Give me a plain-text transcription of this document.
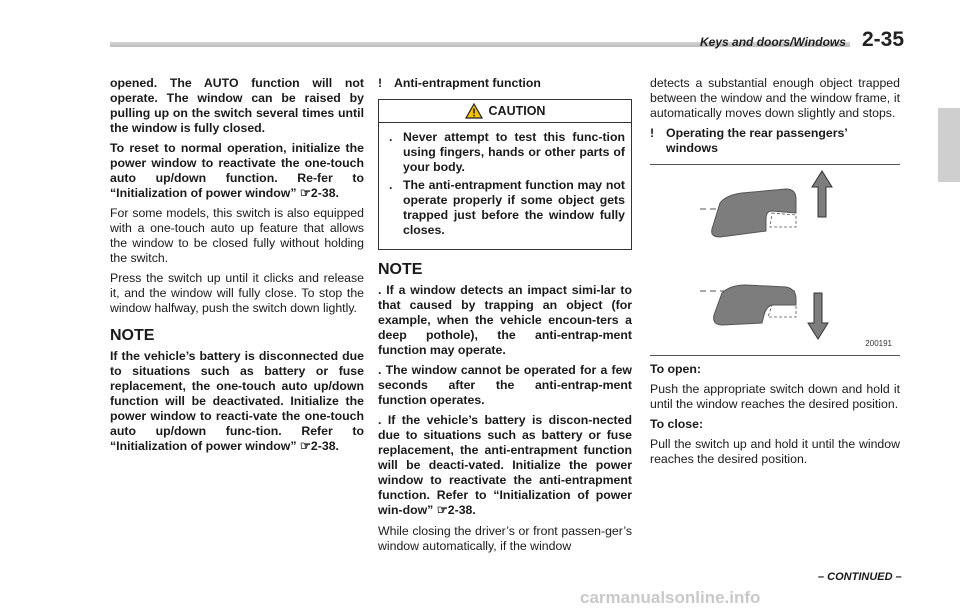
Keys and doors/Windows 2-35

opened. The AUTO function will not operate. The window can be raised by pulling up on the switch several times until the window is fully closed.

To reset to normal operation, initialize the power window to reactivate the one-touch auto up/down function. Re-fer to “Initialization of power window” ☞2-38.

For some models, this switch is also equipped with a one-touch auto up feature that allows the window to be closed fully without holding the switch.

Press the switch up until it clicks and release it, and the window will fully close. To stop the window halfway, push the switch down lightly.

NOTE

If the vehicle’s battery is disconnected due to situations such as battery or fuse replacement, the one-touch auto up/down function will be deactivated. Initialize the power window to reacti-vate the one-touch auto up/down func-tion. Refer to “Initialization of power window” ☞2-38.

! Anti-entrapment function
CAUTION
. Never attempt to test this func-tion using fingers, hands or other parts of your body.
. The anti-entrapment function may not operate properly if some object gets trapped just before the window fully closes.
NOTE

. If a window detects an impact simi-lar to that caused by trapping an object (for example, when the vehicle encoun-ters a deep pothole), the anti-entrap-ment function may operate.

. The window cannot be operated for a few seconds after the anti-entrap-ment function operates.

. If the vehicle’s battery is discon-nected due to situations such as battery or fuse replacement, the anti-entrapment function will be deacti-vated. Initialize the power window to reactivate the anti-entrapment function. Refer to “Initialization of power win-dow” ☞2-38.

While closing the driver’s or front passen-ger’s window automatically, if the window

detects a substantial enough object trapped between the window and the window frame, it automatically moves down slightly and stops.

! Operating the rear passengers’ windows
200191

To open:

Push the appropriate switch down and hold it until the window reaches the desired position.

To close:

Pull the switch up and hold it until the window reaches the desired position.

– CONTINUED –
carmanualsonline.info
